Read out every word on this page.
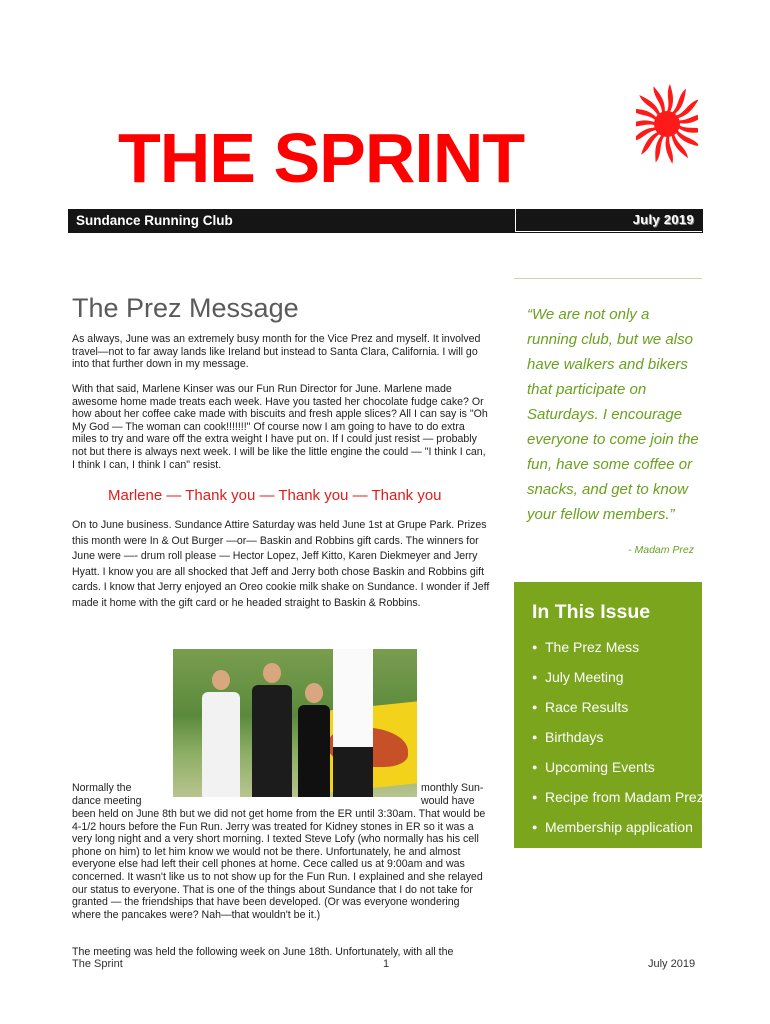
THE SPRINT
Sundance Running Club	July 2019
The Prez Message

As always, June was an extremely busy month for the Vice Prez and myself. It involved travel—not to far away lands like Ireland but instead to Santa Clara, California. I will go into that further down in my message.

With that said, Marlene Kinser was our Fun Run Director for June. Marlene made awesome home made treats each week. Have you tasted her chocolate fudge cake? Or how about her coffee cake made with biscuits and fresh apple slices? All I can say is "Oh My God — The woman can cook!!!!!!!" Of course now I am going to have to do extra miles to try and ware off the extra weight I have put on. If I could just resist — probably not but there is always next week. I will be like the little engine the could — "I think I can, I think I can, I think I can" resist.

Marlene — Thank you — Thank you — Thank you

On to June business. Sundance Attire Saturday was held June 1st at Grupe Park. Prizes this month were In & Out Burger —or— Baskin and Robbins gift cards. The winners for June were —- drum roll please — Hector Lopez, Jeff Kitto, Karen Diekmeyer and Jerry Hyatt. I know you are all shocked that Jeff and Jerry both chose Baskin and Robbins gift cards. I know that Jerry enjoyed an Oreo cookie milk shake on Sundance. I wonder if Jeff made it home with the gift card or he headed straight to Baskin & Robbins.

Normally the	monthly Sun-

dance meeting	would have

been held on June 8th but we did not get home from the ER until 3:30am. That would be 4-1/2 hours before the Fun Run. Jerry was treated for Kidney stones in ER so it was a very long night and a very short morning. I texted Steve Lofy (who normally has his cell phone on him) to let him know we would not be there. Unfortunately, he and almost everyone else had left their cell phones at home. Cece called us at 9:00am and was concerned. It wasn't like us to not show up for the Fun Run. I explained and she relayed our status to everyone. That is one of the things about Sundance that I do not take for granted — the friendships that have been developed. (Or was everyone wondering where the pancakes were? Nah—that wouldn't be it.)

The meeting was held the following week on June 18th. Unfortunately, with all the

“We are not only a running club, but we also have walkers and bikers that participate on Saturdays. I encourage everyone to come join the fun, have some coffee or snacks, and get to know your fellow members.”

- Madam Prez

In This Issue
● The Prez Mess
● July Meeting
● Race Results
● Birthdays
● Upcoming Events
● Recipe from Madam Prez
● Membership application

The Sprint	1	July 2019
